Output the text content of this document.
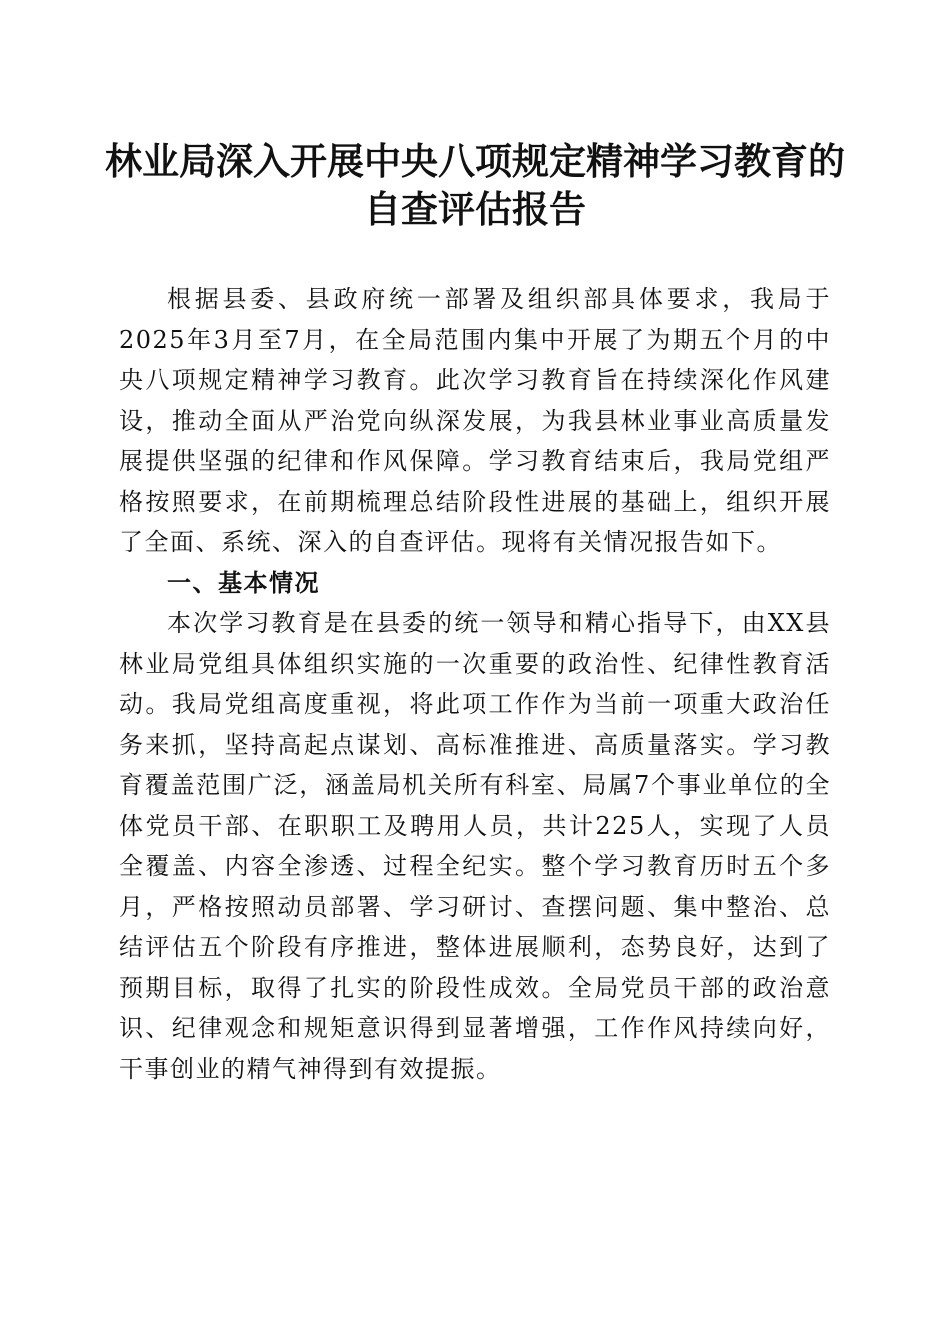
林业局深入开展中央八项规定精神学习教育的
自查评估报告

根据县委、县政府统一部署及组织部具体要求，我局于2025年3月至7月，在全局范围内集中开展了为期五个月的中央八项规定精神学习教育。此次学习教育旨在持续深化作风建设，推动全面从严治党向纵深发展，为我县林业事业高质量发展提供坚强的纪律和作风保障。学习教育结束后，我局党组严格按照要求，在前期梳理总结阶段性进展的基础上，组织开展了全面、系统、深入的自查评估。现将有关情况报告如下。

一、基本情况

本次学习教育是在县委的统一领导和精心指导下，由XX县林业局党组具体组织实施的一次重要的政治性、纪律性教育活动。我局党组高度重视，将此项工作作为当前一项重大政治任务来抓，坚持高起点谋划、高标准推进、高质量落实。学习教育覆盖范围广泛，涵盖局机关所有科室、局属7个事业单位的全体党员干部、在职职工及聘用人员，共计225人，实现了人员全覆盖、内容全渗透、过程全纪实。整个学习教育历时五个多月，严格按照动员部署、学习研讨、查摆问题、集中整治、总结评估五个阶段有序推进，整体进展顺利，态势良好，达到了预期目标，取得了扎实的阶段性成效。全局党员干部的政治意识、纪律观念和规矩意识得到显著增强，工作作风持续向好，干事创业的精气神得到有效提振。
